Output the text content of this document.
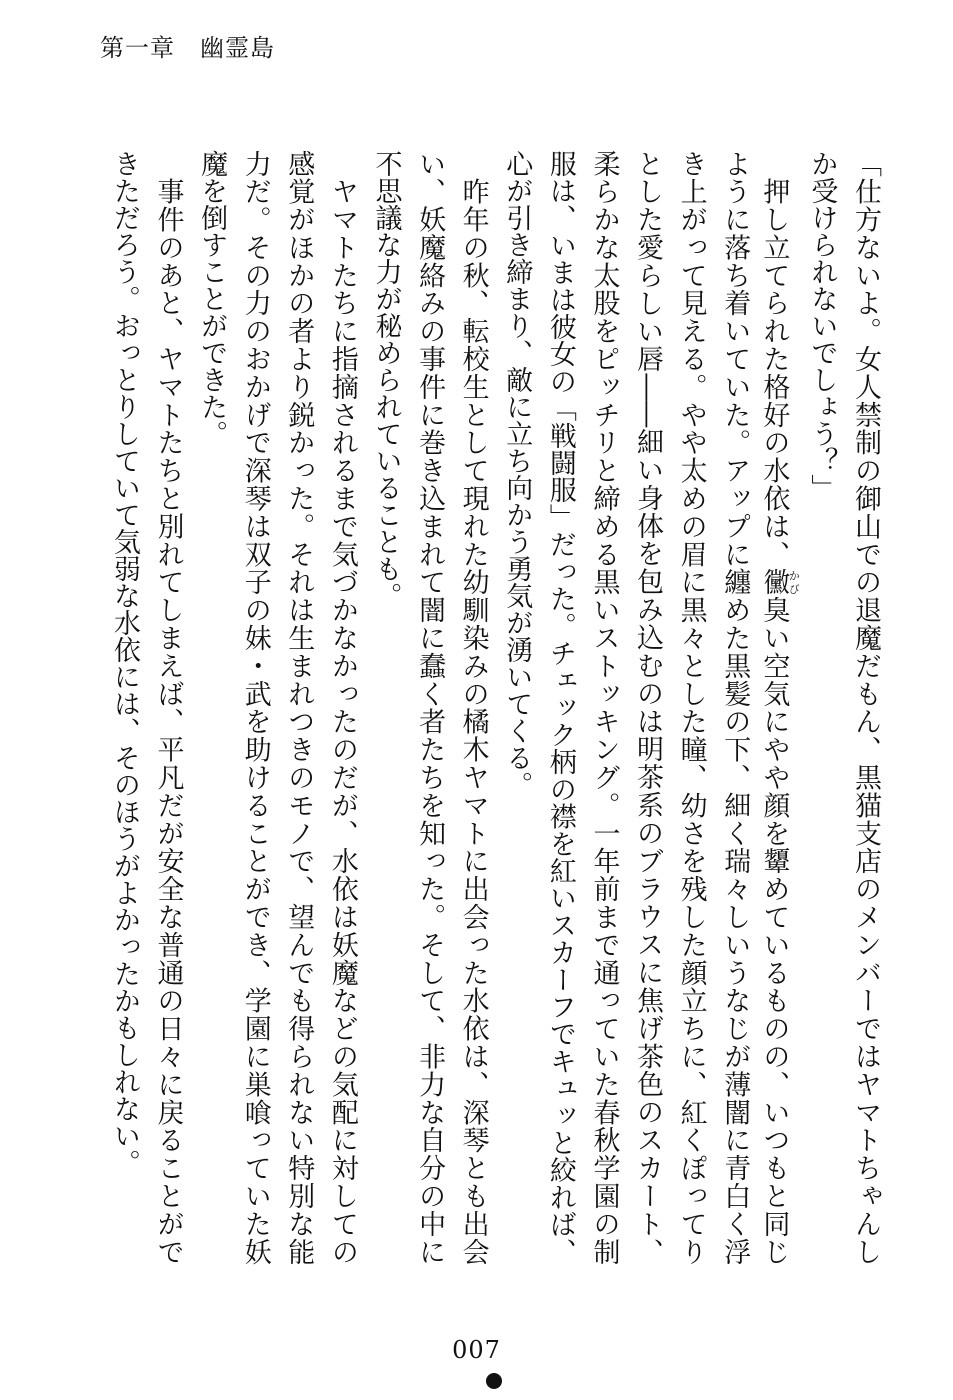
第一章　 幽霊島
「仕方ないよ。女人禁制の御山での退魔だもん、黒猫支店のメンバーではヤマトちゃんし
か受けられないでしょう？」
　押し立てられた格好の水依は、黴かび臭い空気にやや顔を顰めているものの、いつもと同じ
ように落ち着いていた。アップに纏めた黒髪の下、細く瑞々しいうなじが薄闇に青白く浮
き上がって見える。やや太めの眉に黒々とした瞳、幼さを残した顔立ちに、紅くぽってり
とした愛らしい唇――細い身体を包み込むのは明茶系のブラウスに焦げ茶色のスカート、
柔らかな太股をピッチリと締める黒いストッキング。一年前まで通っていた春秋学園の制
服は、いまは彼女の「戦闘服」だった。チェック柄の襟を紅いスカーフでキュッと絞れば、
心が引き締まり、敵に立ち向かう勇気が湧いてくる。
　昨年の秋、転校生として現れた幼馴染みの橘木ヤマトに出会った水依は、深琴とも出会
い、妖魔絡みの事件に巻き込まれて闇に蠢く者たちを知った。そして、非力な自分の中に
不思議な力が秘められていることも。
　ヤマトたちに指摘されるまで気づかなかったのだが、水依は妖魔などの気配に対しての
感覚がほかの者より鋭かった。それは生まれつきのモノで、望んでも得られない特別な能
力だ。その力のおかげで深琴は双子の妹・武を助けることができ、学園に巣喰っていた妖
魔を倒すことができた。
　事件のあと、ヤマトたちと別れてしまえば、平凡だが安全な普通の日々に戻ることがで
きただろう。おっとりしていて気弱な水依には、そのほうがよかったかもしれない。
007
